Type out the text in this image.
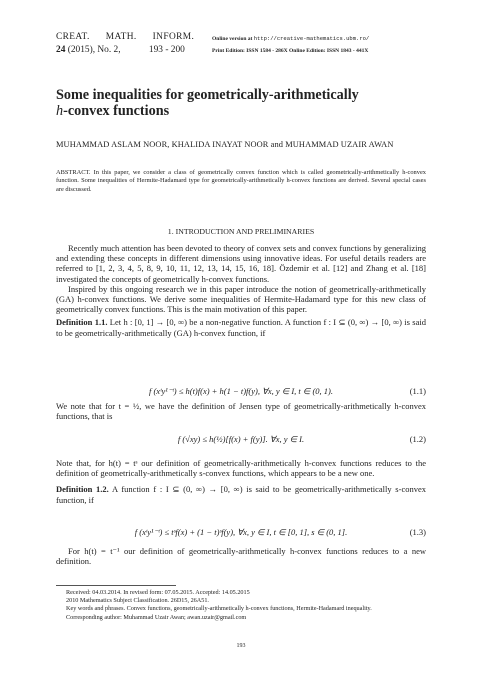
CREAT. MATH. INFORM.
24 (2015), No. 2,	193 - 200
Online version at http://creative-mathematics.ubm.ro/
Print Edition: ISSN 1584 - 286X Online Edition: ISSN 1843 - 441X
Some inequalities for geometrically-arithmetically
h-convex functions
MUHAMMAD ASLAM NOOR, KHALIDA INAYAT NOOR and MUHAMMAD UZAIR AWAN
ABSTRACT. In this paper, we consider a class of geometrically convex function which is called geometrically-arithmetically h-convex function. Some inequalities of Hermite-Hadamard type for geometrically-arithmetically h-convex functions are derived. Several special cases are discussed.
1. INTRODUCTION AND PRELIMINARIES

Recently much attention has been devoted to theory of convex sets and convex functions by generalizing and extending these concepts in different dimensions using innovative ideas. For useful details readers are referred to [1, 2, 3, 4, 5, 8, 9, 10, 11, 12, 13, 14, 15, 16, 18]. Özdemir et al. [12] and Zhang et al. [18] investigated the concepts of geometrically h-convex functions.

Inspired by this ongoing research we in this paper introduce the notion of geometrically-arithmetically (GA) h-convex functions. We derive some inequalities of Hermite-Hadamard type for this new class of geometrically convex functions. This is the main motivation of this paper.

Definition 1.1. Let h : [0, 1] → [0, ∞) be a non-negative function. A function f : I ⊆ (0, ∞) → [0, ∞) is said to be geometrically-arithmetically (GA) h-convex function, if

f (xᵗy¹⁻ᵗ) ≤ h(t)f(x) + h(1 − t)f(y), ∀x, y ∈ I, t ∈ (0, 1).	(1.1)

We note that for t = ½, we have the definition of Jensen type of geometrically-arithmetically h-convex functions, that is

f (√xy) ≤ h(½)[f(x) + f(y)]. ∀x, y ∈ I.	(1.2)

Note that, for h(t) = tˢ our definition of geometrically-arithmetically h-convex functions reduces to the definition of geometrically-arithmetically s-convex functions, which appears to be a new one.

Definition 1.2. A function f : I ⊆ (0, ∞) → [0, ∞) is said to be geometrically-arithmetically s-convex function, if

f (xᵗy¹⁻ᵗ) ≤ tˢf(x) + (1 − t)ˢf(y), ∀x, y ∈ I, t ∈ [0, 1], s ∈ (0, 1].	(1.3)

For h(t) = t⁻¹ our definition of geometrically-arithmetically h-convex functions reduces to a new definition.

Received: 04.03.2014. In revised form: 07.05.2015. Accepted: 14.05.2015
2010 Mathematics Subject Classification. 26D15, 26A51.
Key words and phrases. Convex functions, geometrically-arithmetically h-convex functions, Hermite-Hadamard inequality.
Corresponding author: Muhammad Uzair Awan; awan.uzair@gmail.com
193
